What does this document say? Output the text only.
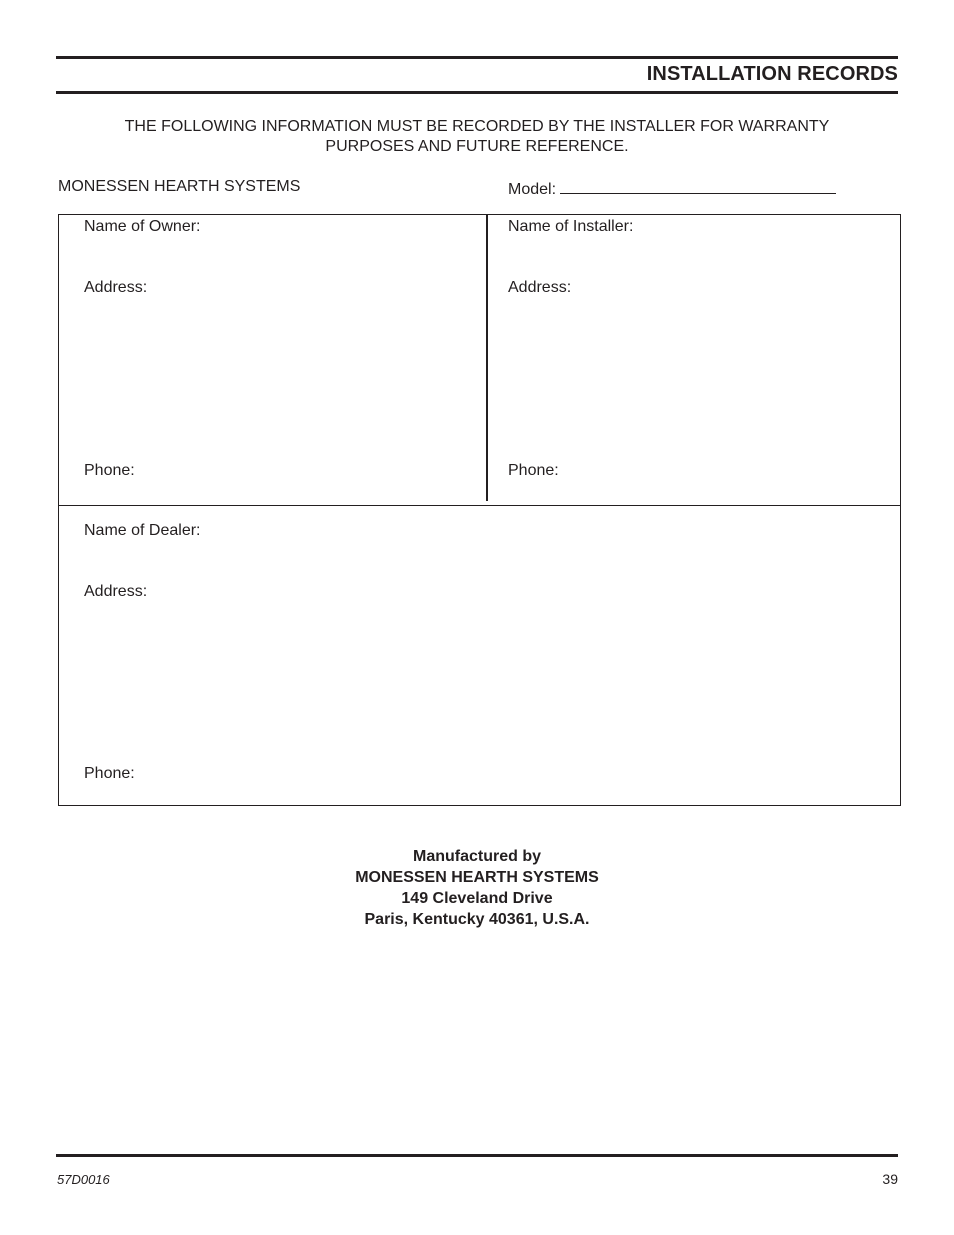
INSTALLATION RECORDS
THE FOLLOWING INFORMATION MUST BE RECORDED BY THE INSTALLER FOR WARRANTY
PURPOSES AND FUTURE REFERENCE.
MONESSEN HEARTH SYSTEMS	Model:
Name of Owner:
Address:
Phone:
Name of Installer:
Address:
Phone:
Name of Dealer:
Address:
Phone:
Manufactured by
MONESSEN HEARTH SYSTEMS
149 Cleveland Drive
Paris, Kentucky 40361, U.S.A.
57D0016	39
